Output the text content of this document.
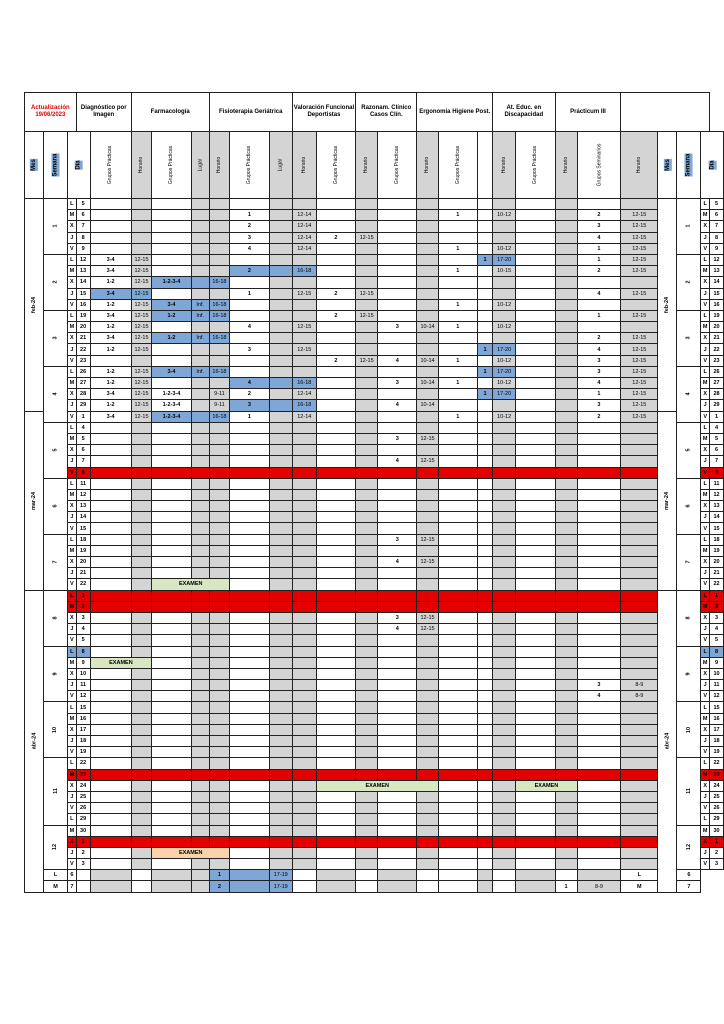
Actualización
19/06/2023			Diagnóstico por Imagen		Farmacología			Fisioterapia Geriátrica			Valoración Funcional Deportistas		Razonam. Clínico Casos Clín.		Ergonomía Higiene Post.			At. Educ. en Discapacidad		Prácticum III						
Mes	Semana	Día		Grupos Prácticas	Horario	Grupos Prácticas	Lugar	Horario	Grupos Prácticas	Lugar	Horario	Grupos Prácticas	Horario	Grupos Prácticas	Horario	Grupos Prácticas		Horario	Grupos Prácticas	Horario	Grupos Seminarios	Horario	Mes	Semana	Día	
feb-24	1	L	5																				feb-24	1	L	5
		M	6						1		12-14					1		10-12			2	12-15			M	6
		X	7						2		12-14										3	12-15			X	7
		J	8						3		12-14	2	12-15								4	12-15			J	8
		V	9						4		12-14					1		10-12			1	12-15			V	9
	2	L	12	3-4	12-15												1	17-20			1	12-15		2	L	12
		M	13	3-4	12-15				2		16-18					1		10-15			2	12-15			M	13
		X	14	1-2	12-15	1-2-3-4		16-18																	X	14
		J	15	3-4	12-15				1		12-15	2	12-15								4	12-15			J	15
		V	16	1-2	12-15	3-4	Inf.	16-18								1		10-12							V	16
	3	L	19	3-4	12-15	1-2	Inf.	16-18				2	12-15								1	12-15		3	L	19
		M	20	1-2	12-15				4		12-15			3	10-14	1		10-12							M	20
		X	21	3-4	12-15	1-2	Inf.	16-18													2	12-15			X	21
		J	22	1-2	12-15				3		12-15						1	17-20			4	12-15			J	22
		V	23									2	12-15	4	10-14	1		10-12			3	12-15			V	23
	4	L	26	1-2	12-15	3-4	Inf.	16-18									1	17-20			3	12-15		4	L	26
		M	27	1-2	12-15				4		16-18			3	10-14	1		10-12			4	12-15			M	27
		X	28	3-4	12-15	1-2-3-4		9-11	2		12-14						1	17-20			1	12-15			X	28
		J	29	1-2	12-15	1-2-3-4		9-11	3		16-18			4	10-14						3	12-15			J	29
mar-24		V	1	3-4	12-15	1-2-3-4		16-18	1		12-14					1		10-12			2	12-15	mar-24		V	1
	5	L	4																					5	L	4
		M	5											3	12-15										M	5
		X	6																						X	6
		J	7											4	12-15										J	7
		V	8																						V	8
	6	L	11																					6	L	11
		M	12																						M	12
		X	13																						X	13
		J	14																						J	14
		V	15																						V	15
	7	L	18											3	12-15									7	L	18
		M	19																						M	19
		X	20											4	12-15										X	20
		J	21																						J	21
		V	22			EXAMEN																			V	22
abr-24	8	L	1																				abr-24	8	L	1
		M	2																						M	2
		X	3											3	12-15										X	3
		J	4											4	12-15										J	4
		V	5																						V	5
	9	L	8																					9	L	8
		M	9	EXAMEN																					M	9
		X	10																						X	10
		J	11																		3	8-9			J	11
		V	12																		4	8-9			V	12
	10	L	15																					10	L	15
		M	16																						M	16
		X	17																						X	17
		J	18																						J	18
		V	19																						V	19
	11	L	22																					11	L	22
		M	23																						M	23
		X	24									EXAMEN							EXAMEN						X	24
		J	25																						J	25
		V	26																						V	26
		L	29																						L	29
	12	M	30																					12	M	30
		X	1																						X	1
		J	2			EXAMEN																			J	2
		V	3																						V	3
	L	6						1		17-19												L		6		
	M	7						2		17-19										1	8-9	M		7		
